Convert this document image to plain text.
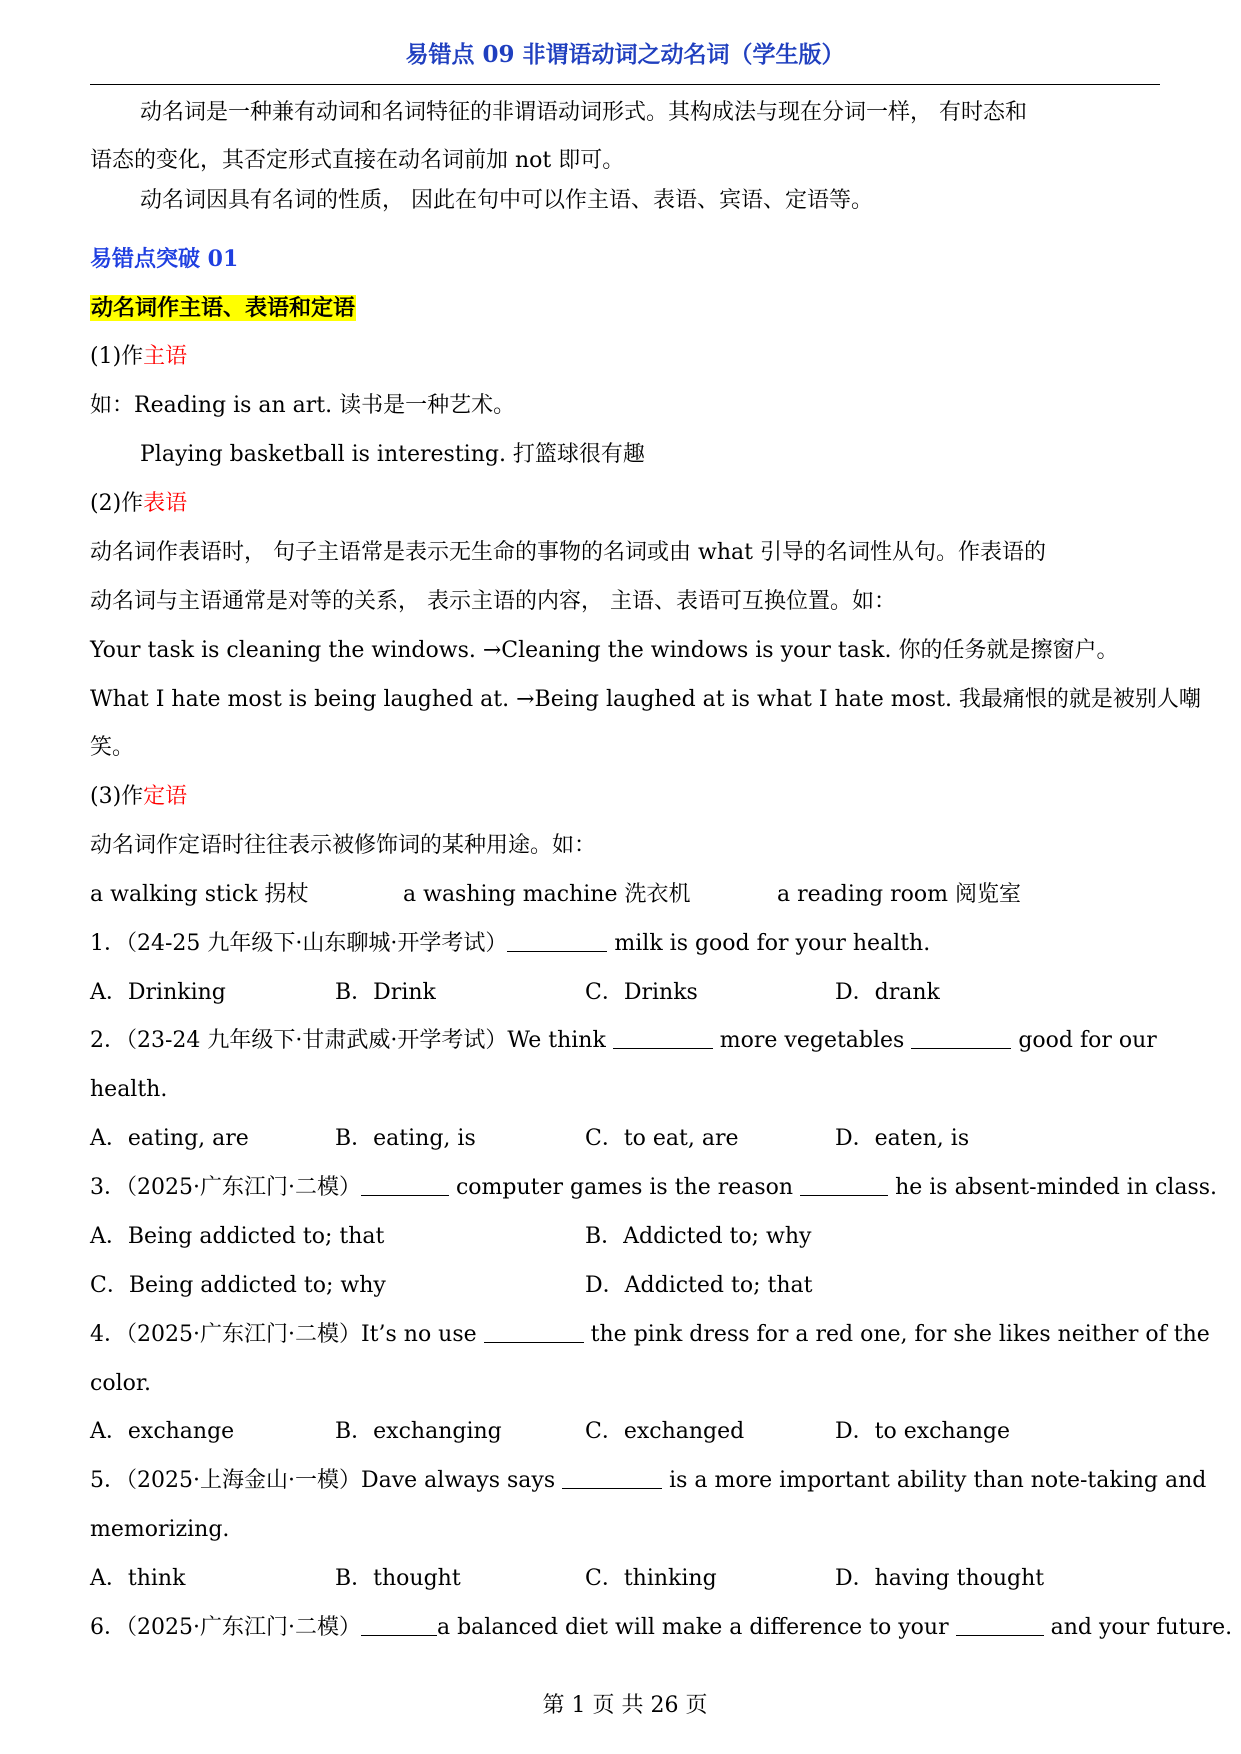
易错点 09 非谓语动词之动名词（学生版）
动名词是一种兼有动词和名词特征的非谓语动词形式。其构成法与现在分词一样， 有时态和
语态的变化，其否定形式直接在动名词前加 not 即可。
动名词因具有名词的性质， 因此在句中可以作主语、表语、宾语、定语等。
易错点突破 01
动名词作主语、表语和定语
(1)作主语
如：Reading is an art. 读书是一种艺术。
Playing basketball is interesting. 打篮球很有趣
(2)作表语
动名词作表语时， 句子主语常是表示无生命的事物的名词或由 what 引导的名词性从句。作表语的
动名词与主语通常是对等的关系， 表示主语的内容， 主语、表语可互换位置。如：
Your task is cleaning the windows. →Cleaning the windows is your task. 你的任务就是擦窗户。
What I hate most is being laughed at. →Being laughed at is what I hate most. 我最痛恨的就是被别人嘲
笑。
(3)作定语
动名词作定语时往往表示被修饰词的某种用途。如：
a walking stick 拐杖	a washing machine 洗衣机	a reading room 阅览室
1．（24-25 九年级下·山东聊城·开学考试）	milk is good for your health.
A．Drinking	B．Drink	C．Drinks	D．drank
2．（23-24 九年级下·甘肃武威·开学考试）We think	more vegetables	good for our
health.
A．eating, are	B．eating, is	C．to eat, are	D．eaten, is
3．（2025·广东江门·二模）	computer games is the reason	he is absent-minded in class.
A．Being addicted to; that	B．Addicted to; why
C．Being addicted to; why	D．Addicted to; that
4．（2025·广东江门·二模）It’s no use	the pink dress for a red one, for she likes neither of the
color.
A．exchange	B．exchanging	C．exchanged	D．to exchange
5．（2025·上海金山·一模）Dave always says	is a more important ability than note-taking and
memorizing.
A．think	B．thought	C．thinking	D．having thought
6．（2025·广东江门·二模）	a balanced diet will make a difference to your	and your future.
第 1 页 共 26 页
